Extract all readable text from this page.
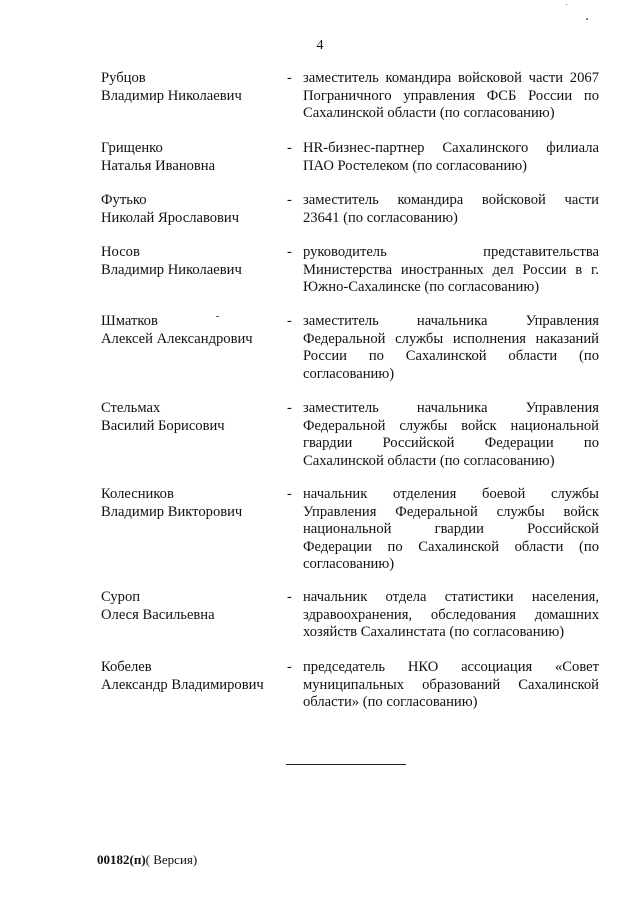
4
Рубцов
Владимир Николаевич
- заместитель командира войсковой части 2067
Пограничного управления ФСБ России по
Сахалинской области (по согласованию)
Грищенко
Наталья Ивановна
- HR-бизнес-партнер Сахалинского филиала
ПАО Ростелеком (по согласованию)
Футько
Николай Ярославович
- заместитель командира войсковой части
23641 (по согласованию)
Носов
Владимир Николаевич
- руководитель представительства
Министерства иностранных дел России в г.
Южно-Сахалинске (по согласованию)
Шматков
Алексей Александрович
- заместитель начальника Управления
Федеральной службы исполнения наказаний
России по Сахалинской области (по
согласованию)
Стельмах
Василий Борисович
- заместитель начальника Управления
Федеральной службы войск национальной
гвардии Российской Федерации по
Сахалинской области (по согласованию)
Колесников
Владимир Викторович
- начальник отделения боевой службы
Управления Федеральной службы войск
национальной гвардии Российской
Федерации по Сахалинской области (по
согласованию)
Суроп
Олеся Васильевна
- начальник отдела статистики населения,
здравоохранения, обследования домашних
хозяйств Сахалинстата (по согласованию)
Кобелев
Александр Владимирович
- председатель НКО ассоциация «Совет
муниципальных образований Сахалинской
области» (по согласованию)
00182(п)( Версия)
